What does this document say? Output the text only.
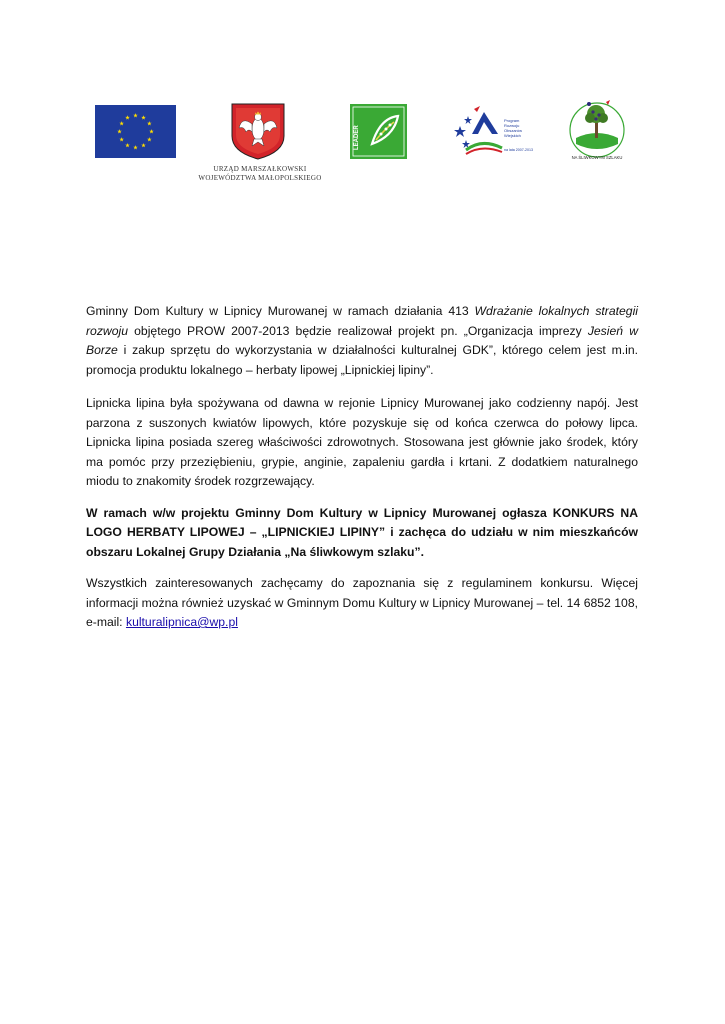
URZĄD MARSZAŁKOWSKI
WOJEWÓDZTWA MAŁOPOLSKIEGO
LEADER
Program
Rozwoju
Obszarów
Wiejskich
na lata 2007-2013
NA ŚLIWKOWYM SZLAKU

Gminny Dom Kultury w Lipnicy Murowanej w ramach działania 413 Wdrażanie lokalnych strategii rozwoju objętego PROW 2007-2013 będzie realizował projekt pn. „Organizacja imprezy Jesień w Borze i zakup sprzętu do wykorzystania w działalności kulturalnej GDK”, którego celem jest m.in. promocja produktu lokalnego – herbaty lipowej „Lipnickiej lipiny”.

Lipnicka lipina była spożywana od dawna w rejonie Lipnicy Murowanej jako codzienny napój. Jest parzona z suszonych kwiatów lipowych, które pozyskuje się od końca czerwca do połowy lipca. Lipnicka lipina posiada szereg właściwości zdrowotnych. Stosowana jest głównie jako środek, który ma pomóc przy przeziębieniu, grypie, anginie, zapaleniu gardła i krtani. Z dodatkiem naturalnego miodu to znakomity środek rozgrzewający.

W ramach w/w projektu Gminny Dom Kultury w Lipnicy Murowanej ogłasza KONKURS NA LOGO HERBATY LIPOWEJ – „LIPNICKIEJ LIPINY” i zachęca do udziału w nim mieszkańców obszaru Lokalnej Grupy Działania „Na śliwkowym szlaku”.

Wszystkich zainteresowanych zachęcamy do zapoznania się z regulaminem konkursu. Więcej informacji można również uzyskać w Gminnym Domu Kultury w Lipnicy Murowanej – tel. 14 6852 108, e-mail: kulturalipnica@wp.pl
